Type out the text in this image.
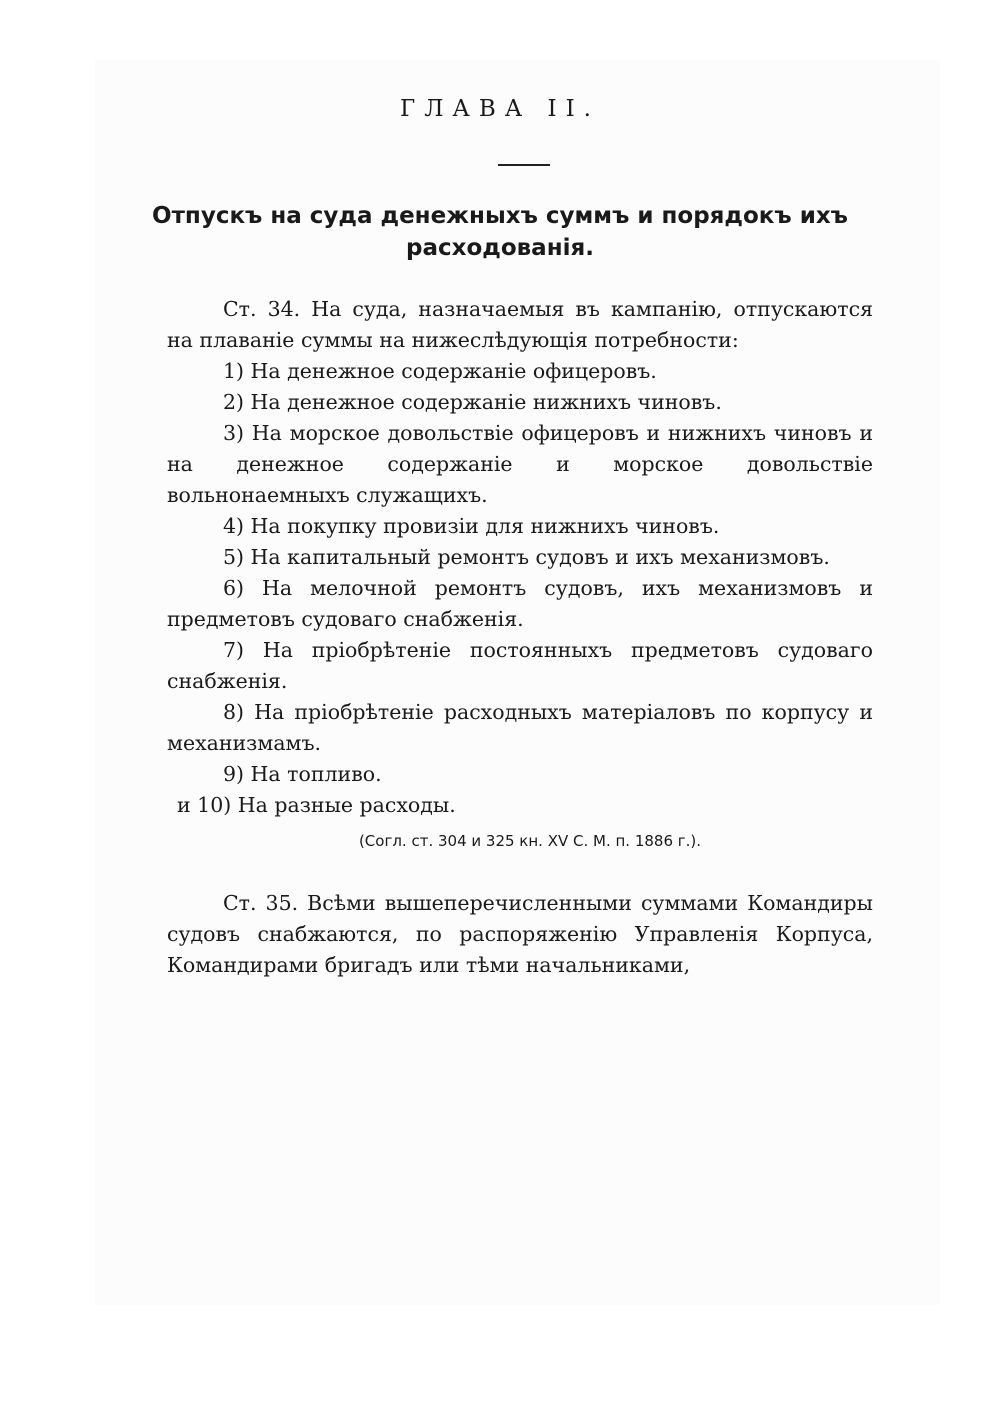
ГЛАВА II.
Отпускъ на суда денежныхъ суммъ и порядокъ ихъ
расходованія.

Ст. 34. На суда, назначаемыя въ кампанію, отпускаются на плаваніе суммы на нижеслѣдующія потребности:

1) На денежное содержаніе офицеровъ.

2) На денежное содержаніе нижнихъ чиновъ.

3) На морское довольствіе офицеровъ и нижнихъ чиновъ и на денежное содержаніе и морское довольствіе вольнонаемныхъ служащихъ.

4) На покупку провизіи для нижнихъ чиновъ.

5) На капитальный ремонтъ судовъ и ихъ механизмовъ.

6) На мелочной ремонтъ судовъ, ихъ механизмовъ и предметовъ судоваго снабженія.

7) На пріобрѣтеніе постоянныхъ предметовъ судоваго снабженія.

8) На пріобрѣтеніе расходныхъ матеріаловъ по корпусу и механизмамъ.

9) На топливо.

и 10) На разные расходы.

(Согл. ст. 304 и 325 кн. XV С. М. п. 1886 г.).

Ст. 35. Всѣми вышеперечисленными суммами Командиры судовъ снабжаются, по распоряженію Управленія Корпуса, Командирами бригадъ или тѣми начальниками,
